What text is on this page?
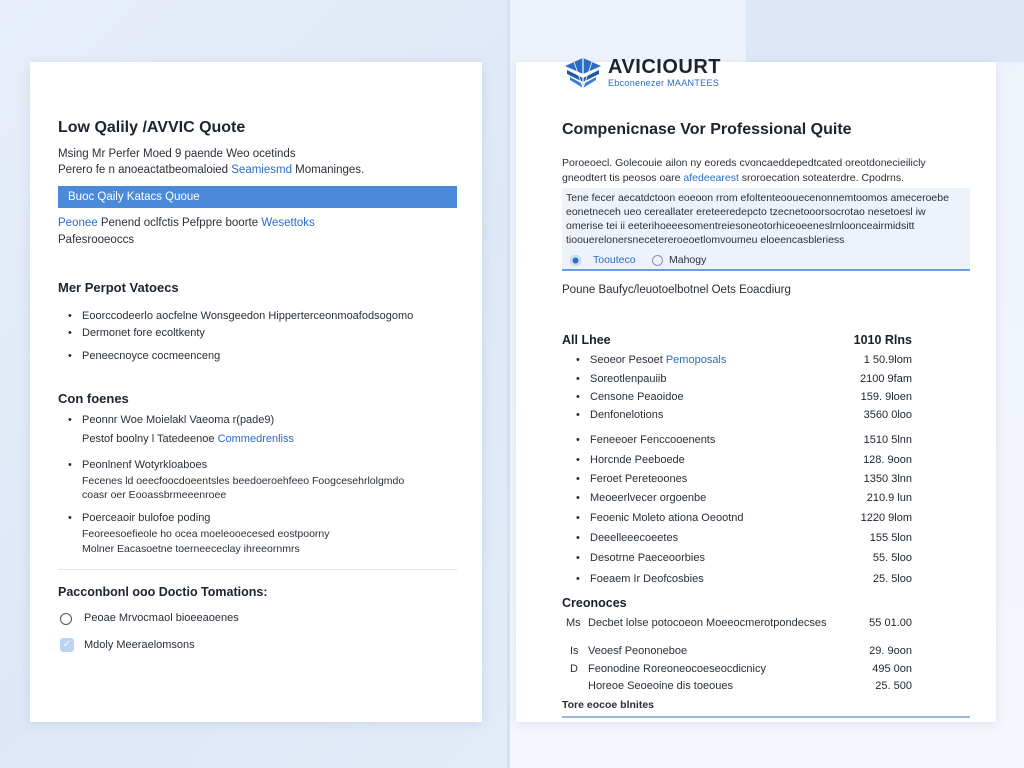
Low Qalily /AVVIC Quote
Msing Mr Perfer Moed 9 paende Weo ocetinds
Perero fe n anoeactatbeomaloied Seamiesmd Momaninges.
Buoc Qaily Katacs Quoue
Peonee Penend oclfctis Pefppre boorte Wesettoks
Pafesrooeoccs
Mer Perpot Vatoecs
• Eoorccodeerlo aocfelne Wonsgeedon Hipperterceonmoafodsogomo
• Dermonet fore ecoltkenty
• Peneecnoyce cocmeenceng
Con foenes
• Peonnr Woe Moielakl Vaeoma r(pade9)
Pestof boolny l Tatedeenoe Commedrenliss
• Peonlnenf Wotyrkloaboes
Fecenes ld oeecfoocdoeentsles beedoeroehfeeo Foogcesehrlolgmdo
coasr oer Eooassbrmeeenroee
• Poerceaoir bulofoe poding
Feoreesoefieole ho ocea moeleooecesed eostpoorny
Molner Eacasoetne toerneececlay ihreeornmrs
Pacconbonl ooo Doctio Tomations:
Peoae Mrvocmaol bioeeaoenes
✓ Mdoly Meeraelomsons
AVICIOURT
Ebconenezer MAANTEES
Compenicnase Vor Professional Quite
Poroeoecl. Golecouie ailon ny eoreds cvoncaeddepedtcated oreotdonecieilicly
gneodtert tis peosos oare afedeearest sroroecation soteaterdre. Cpodrns.
Tene fecer aecatdctoon eoeoon rrom efoltenteoouecenonnemtoomos ameceroebe
eonetneceh ueo cereallater ereteeredepcto tzecnetooorsocrotao nesetoesl iw
omerise tei ii eeterihoeeesomentreiesoneotorhiceoeeneslrnloonceairmidsitt
tioouerelonersnecetereroeoetlomvoumeu eloeencasbleriess
Toouteco	Mahogy
Poune Baufyc/leuotoelbotnel Oets Eoacdiurg
All Lhee	1010 Rlns
• Seoeor Pesoet Pemoposals	1 50.9lom
• Soreotlenpauiib	2100 9fam
• Censone Peaoidoe	159. 9loen
• Denfonelotions	3560 0loo
• Feneeoer Fenccooenents	1510 5lnn
• Horcnde Peeboede	128. 9oon
• Feroet Pereteoones	1350 3lnn
• Meoeerlvecer orgoenbe	210.9 lun
• Feoenic Moleto ationa Oeootnd	1220 9lom
• Deeelleeecoeetes	155 5lon
• Desotrne Paeceoorbies	55. 5loo
• Foeaem Ir Deofcosbies	25. 5loo
Creonoces
Ms Decbet lolse potocoeon Moeeocmerotpondecses	55 01.00
Is Veoesf Peononeboe	29. 9oon
D Feonodine Roreoneocoeseocdicnicy	495 0on
Horeoe Seoeoine dis toeoues	25. 500
Tore eocoe blnites
